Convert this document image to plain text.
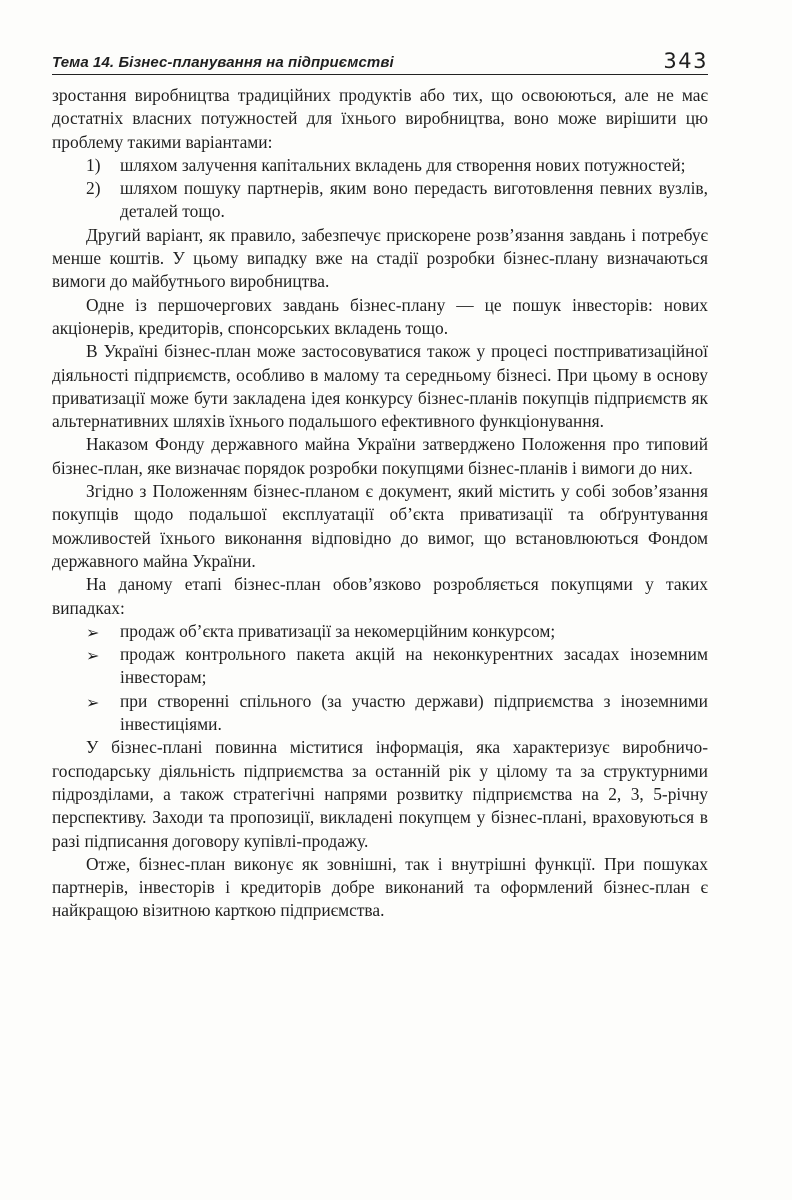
Тема 14. Бізнес-планування на підприємстві	343

зростання виробництва традиційних продуктів або тих, що освоюються, але не має достатніх власних потужностей для їхнього виробництва, воно може вирішити цю проблему такими варіантами:

1)	шляхом залучення капітальних вкладень для створення нових потужностей;
2)	шляхом пошуку партнерів, яким воно передасть виготовлення певних вузлів, деталей тощо.

Другий варіант, як правило, забезпечує прискорене розв’язання завдань і потребує менше коштів. У цьому випадку вже на стадії розробки бізнес-плану визначаються вимоги до майбутнього виробництва.

Одне із першочергових завдань бізнес-плану — це пошук інвесторів: нових акціонерів, кредиторів, спонсорських вкладень тощо.

В Україні бізнес-план може застосовуватися також у процесі постприватизаційної діяльності підприємств, особливо в малому та середньому бізнесі. При цьому в основу приватизації може бути закладена ідея конкурсу бізнес-планів покупців підприємств як альтернативних шляхів їхнього подальшого ефективного функціонування.

Наказом Фонду державного майна України затверджено Положення про типовий бізнес-план, яке визначає порядок розробки покупцями бізнес-планів і вимоги до них.

Згідно з Положенням бізнес-планом є документ, який містить у собі зобов’язання покупців щодо подальшої експлуатації об’єкта приватизації та обґрунтування можливостей їхнього виконання відповідно до вимог, що встановлюються Фондом державного майна України.

На даному етапі бізнес-план обов’язково розробляється покупцями у таких випадках:

➢	продаж об’єкта приватизації за некомерційним конкурсом;
➢	продаж контрольного пакета акцій на неконкурентних засадах іноземним інвесторам;
➢	при створенні спільного (за участю держави) підприємства з іноземними інвестиціями.

У бізнес-плані повинна міститися інформація, яка характеризує виробничо-господарську діяльність підприємства за останній рік у цілому та за структурними підрозділами, а також стратегічні напрями розвитку підприємства на 2, 3, 5-річну перспективу. Заходи та пропозиції, викладені покупцем у бізнес-плані, враховуються в разі підписання договору купівлі-продажу.

Отже, бізнес-план виконує як зовнішні, так і внутрішні функції. При пошуках партнерів, інвесторів і кредиторів добре виконаний та оформлений бізнес-план є найкращою візитною карткою підприємства.
